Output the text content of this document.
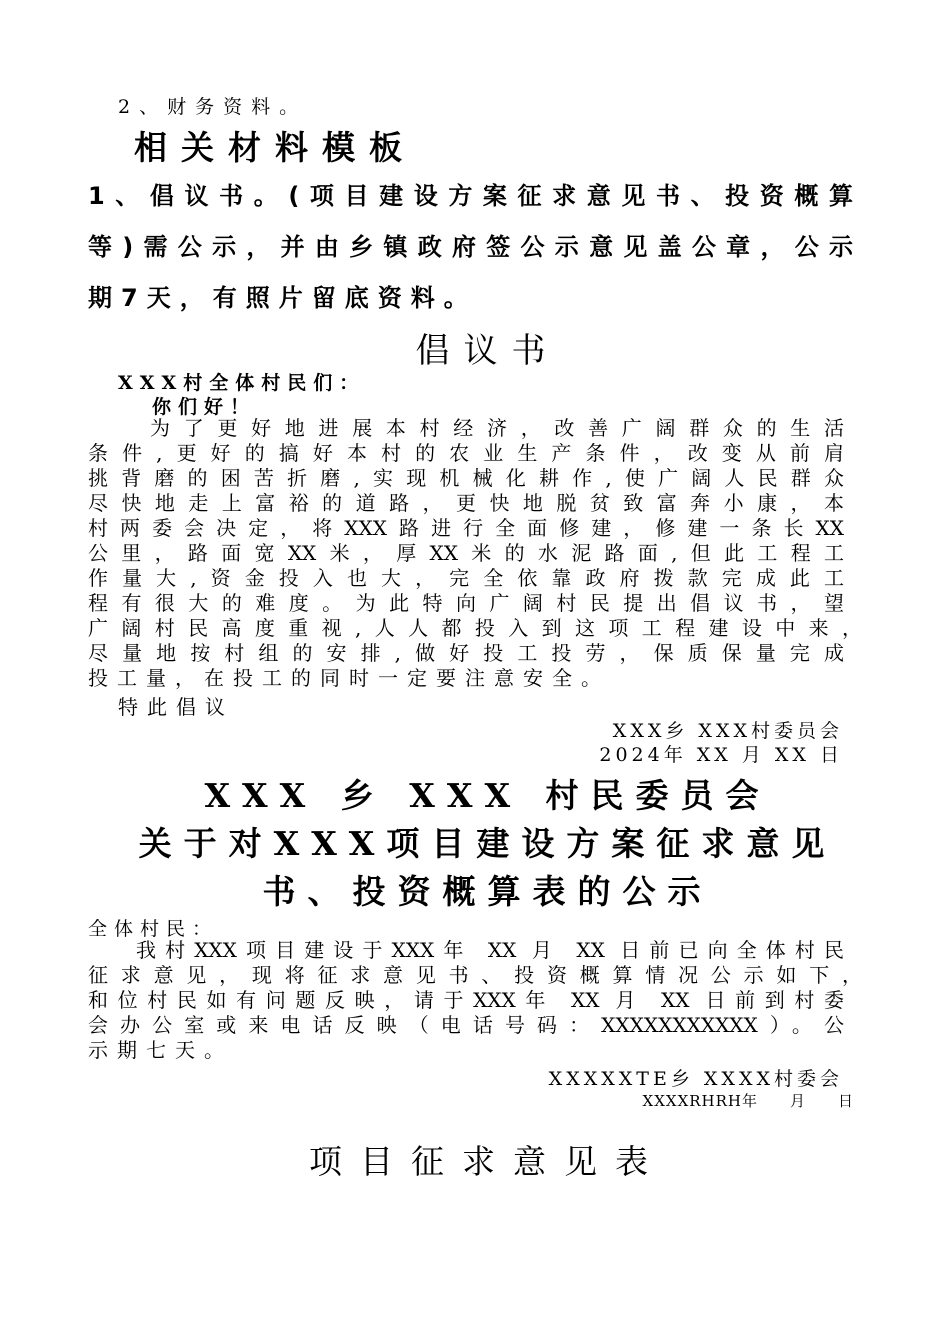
2、财务资料。
相关材料模板
1、倡议书。(项目建设方案征求意见书、投资概算
等)需公示，并由乡镇政府签公示意见盖公章，公示
期7天，有照片留底资料。
倡议书
XXX村全体村民们：
你们好！
为了更好地进展本村经济，改善广阔群众的生活
条件,更好的搞好本村的农业生产条件，改变从前肩
挑背磨的困苦折磨,实现机械化耕作,使广阔人民群众
尽快地走上富裕的道路，更快地脱贫致富奔小康，本
村两委会决定，将XXX路进行全面修建，修建一条长XX
公里，路面宽XX米，厚XX米的水泥路面,但此工程工
作量大,资金投入也大，完全依靠政府拨款完成此工
程有很大的难度。为此特向广阔村民提出倡议书，望
广阔村民高度重视,人人都投入到这项工程建设中来，
尽量地按村组的安排,做好投工投劳，保质保量完成
投工量，在投工的同时一定要注意安全。
特此倡议
XXX乡 XXX村委员会
2024年 XX 月 XX 日
XXX 乡 XXX 村民委员会
关于对XXX项目建设方案征求意见
书、投资概算表的公示
全体村民：
我村XXX项目建设于XXX年 XX 月 XX 日前已向全体村民
征求意见，现将征求意见书、投资概算情况公示如下，
和位村民如有问题反映，请于XXX年 XX 月 XX 日前到村委
会办公室或来电话反映（电话号码：XXXXXXXXXXX）。公
示期七天。
XXXXXTE乡 XXXX村委会
XXXXRHRH年　　月　　日
项目征求意见表
